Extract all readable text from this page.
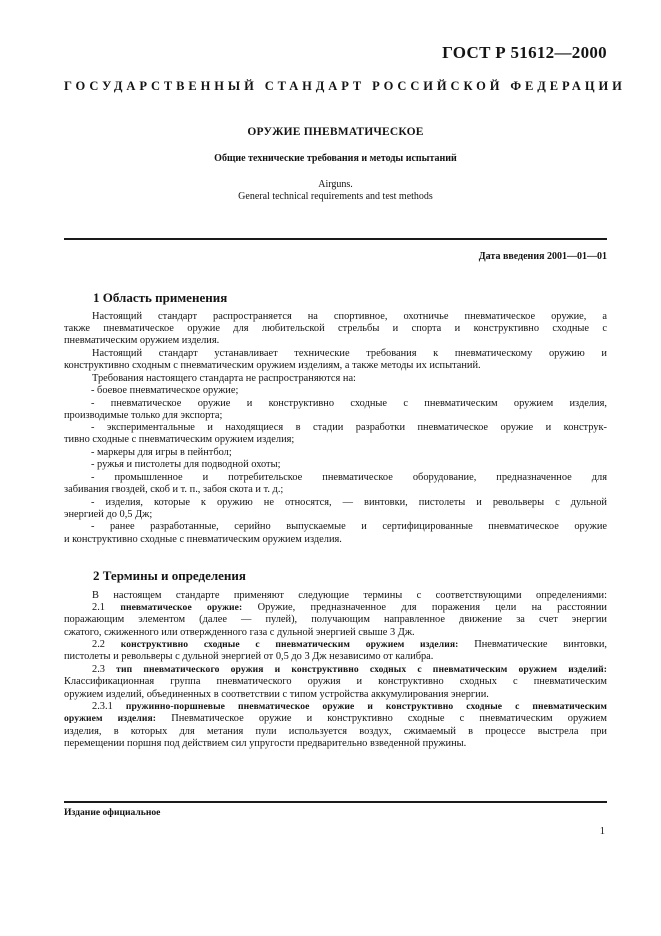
ГОСТ Р 51612—2000
ГОСУДАРСТВЕННЫЙ СТАНДАРТ РОССИЙСКОЙ ФЕДЕРАЦИИ
ОРУЖИЕ ПНЕВМАТИЧЕСКОЕ
Общие технические требования и методы испытаний
Airguns.
General technical requirements and test methods
Дата введения 2001—01—01
1 Область применения
Настоящий стандарт распространяется на спортивное, охотничье пневматическое оружие, а
также пневматическое оружие для любительской стрельбы и спорта и конструктивно сходные с
пневматическим оружием изделия.
Настоящий стандарт устанавливает технические требования к пневматическому оружию и
конструктивно сходным с пневматическим оружием изделиям, а также методы их испытаний.
Требования настоящего стандарта не распространяются на:
- боевое пневматическое оружие;
- пневматическое оружие и конструктивно сходные с пневматическим оружием изделия,
производимые только для экспорта;
- экспериментальные и находящиеся в стадии разработки пневматическое оружие и конструк-
тивно сходные с пневматическим оружием изделия;
- маркеры для игры в пейнтбол;
- ружья и пистолеты для подводной охоты;
- промышленное и потребительское пневматическое оборудование, предназначенное для
забивания гвоздей, скоб и т. п., забоя скота и т. д.;
- изделия, которые к оружию не относятся, — винтовки, пистолеты и револьверы с дульной
энергией до 0,5 Дж;
- ранее разработанные, серийно выпускаемые и сертифицированные пневматическое оружие
и конструктивно сходные с пневматическим оружием изделия.
2 Термины и определения
В настоящем стандарте применяют следующие термины с соответствующими определениями:
2.1 пневматическое оружие: Оружие, предназначенное для поражения цели на расстоянии
поражающим элементом (далее — пулей), получающим направленное движение за счет энергии
сжатого, сжиженного или отвержденного газа с дульной энергией свыше 3 Дж.
2.2 конструктивно сходные с пневматическим оружием изделия: Пневматические винтовки,
пистолеты и револьверы с дульной энергией от 0,5 до 3 Дж независимо от калибра.
2.3 тип пневматического оружия и конструктивно сходных с пневматическим оружием изделий:
Классификационная группа пневматического оружия и конструктивно сходных с пневматическим
оружием изделий, объединенных в соответствии с типом устройства аккумулирования энергии.
2.3.1 пружинно-поршневые пневматическое оружие и конструктивно сходные с пневматическим
оружием изделия: Пневматическое оружие и конструктивно сходные с пневматическим оружием
изделия, в которых для метания пули используется воздух, сжимаемый в процессе выстрела при
перемещении поршня под действием сил упругости предварительно взведенной пружины.
Издание официальное
1
